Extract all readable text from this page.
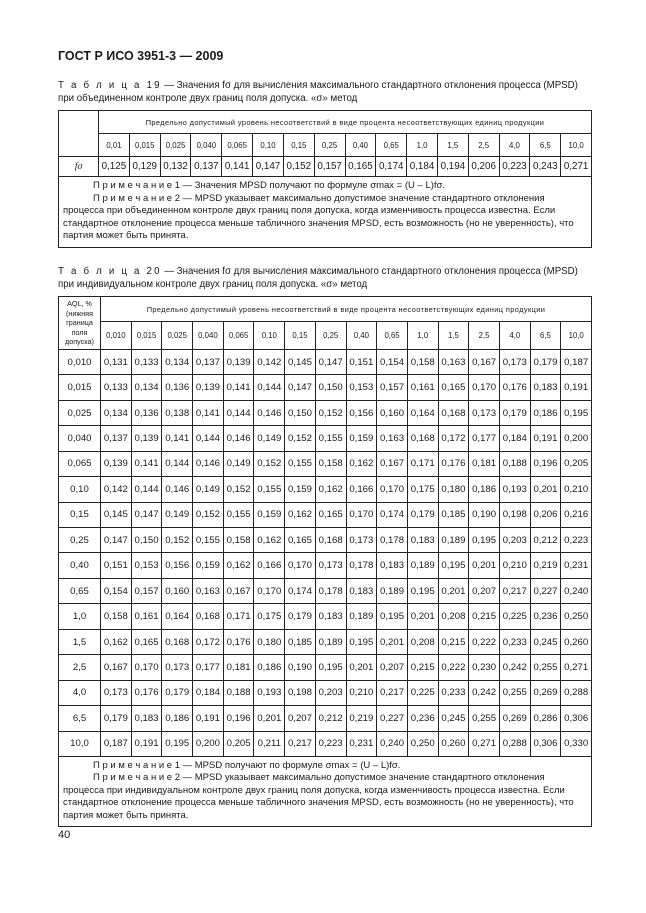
ГОСТ Р ИСО 3951-3 — 2009
Т а б л и ц а 19 — Значения fσ для вычисления максимального стандартного отклонения процесса (MPSD) при объединенном контроле двух границ поля допуска. «σ» метод
	Предельно допустимый уровень несоответствий в виде процента несоответствующих единиц продукции															
	0,01	0,015	0,025	0,040	0,065	0,10	0,15	0,25	0,40	0,65	1,0	1,5	2,5	4,0	6,5	10,0
fσ	0,125	0,129	0,132	0,137	0,141	0,147	0,152	0,157	0,165	0,174	0,184	0,194	0,206	0,223	0,243	0,271

П р и м е ч а н и е 1 — Значения MPSD получают по формуле σmax = (U – L)fσ.
П р и м е ч а н и е 2 — MPSD указывает максимально допустимое значение стандартного отклонения процесса при объединенном контроле двух границ поля допуска, когда изменчивость процесса известна. Если стандартное отклонение процесса меньше табличного значения MPSD, есть возможность (но не уверенность), что партия может быть принята.																
Т а б л и ц а 20 — Значения fσ для вычисления максимального стандартного отклонения процесса (MPSD) при индивидуальном контроле двух границ поля допуска. «σ» метод
AQL, % (нижняя граница поля допуска)	Предельно допустимый уровень несоответствий в виде процента несоответствующих единиц продукции															
	0,010	0,015	0,025	0,040	0,065	0,10	0,15	0,25	0,40	0,65	1,0	1,5	2,5	4,0	6,5	10,0
0,010	0,131	0,133	0,134	0,137	0,139	0,142	0,145	0,147	0,151	0,154	0,158	0,163	0,167	0,173	0,179	0,187
0,015	0,133	0,134	0,136	0,139	0,141	0,144	0,147	0,150	0,153	0,157	0,161	0,165	0,170	0,176	0,183	0,191
0,025	0,134	0,136	0,138	0,141	0,144	0,146	0,150	0,152	0,156	0,160	0,164	0,168	0,173	0,179	0,186	0,195
0,040	0,137	0,139	0,141	0,144	0,146	0,149	0,152	0,155	0,159	0,163	0,168	0,172	0,177	0,184	0,191	0,200
0,065	0,139	0,141	0,144	0,146	0,149	0,152	0,155	0,158	0,162	0,167	0,171	0,176	0,181	0,188	0,196	0,205
0,10	0,142	0,144	0,146	0,149	0,152	0,155	0,159	0,162	0,166	0,170	0,175	0,180	0,186	0,193	0,201	0,210
0,15	0,145	0,147	0,149	0,152	0,155	0,159	0,162	0,165	0,170	0,174	0,179	0,185	0,190	0,198	0,206	0,216
0,25	0,147	0,150	0,152	0,155	0,158	0,162	0,165	0,168	0,173	0,178	0,183	0,189	0,195	0,203	0,212	0,223
0,40	0,151	0,153	0,156	0,159	0,162	0,166	0,170	0,173	0,178	0,183	0,189	0,195	0,201	0,210	0,219	0,231
0,65	0,154	0,157	0,160	0,163	0,167	0,170	0,174	0,178	0,183	0,189	0,195	0,201	0,207	0,217	0,227	0,240
1,0	0,158	0,161	0,164	0,168	0,171	0,175	0,179	0,183	0,189	0,195	0,201	0,208	0,215	0,225	0,236	0,250
1,5	0,162	0,165	0,168	0,172	0,176	0,180	0,185	0,189	0,195	0,201	0,208	0,215	0,222	0,233	0,245	0,260
2,5	0,167	0,170	0,173	0,177	0,181	0,186	0,190	0,195	0,201	0,207	0,215	0,222	0,230	0,242	0,255	0,271
4,0	0,173	0,176	0,179	0,184	0,188	0,193	0,198	0,203	0,210	0,217	0,225	0,233	0,242	0,255	0,269	0,288
6,5	0,179	0,183	0,186	0,191	0,196	0,201	0,207	0,212	0,219	0,227	0,236	0,245	0,255	0,269	0,286	0,306
10,0	0,187	0,191	0,195	0,200	0,205	0,211	0,217	0,223	0,231	0,240	0,250	0,260	0,271	0,288	0,306	0,330

П р и м е ч а н и е 1 — MPSD получают по формуле σmax = (U – L)fσ.
П р и м е ч а н и е 2 — MPSD указывает максимально допустимое значение стандартного отклонения процесса при индивидуальном контроле двух границ поля допуска, когда изменчивость процесса известна. Если стандартное отклонение процесса меньше табличного значения MPSD, есть возможность (но не уверенность), что партия может быть принята.																
40
